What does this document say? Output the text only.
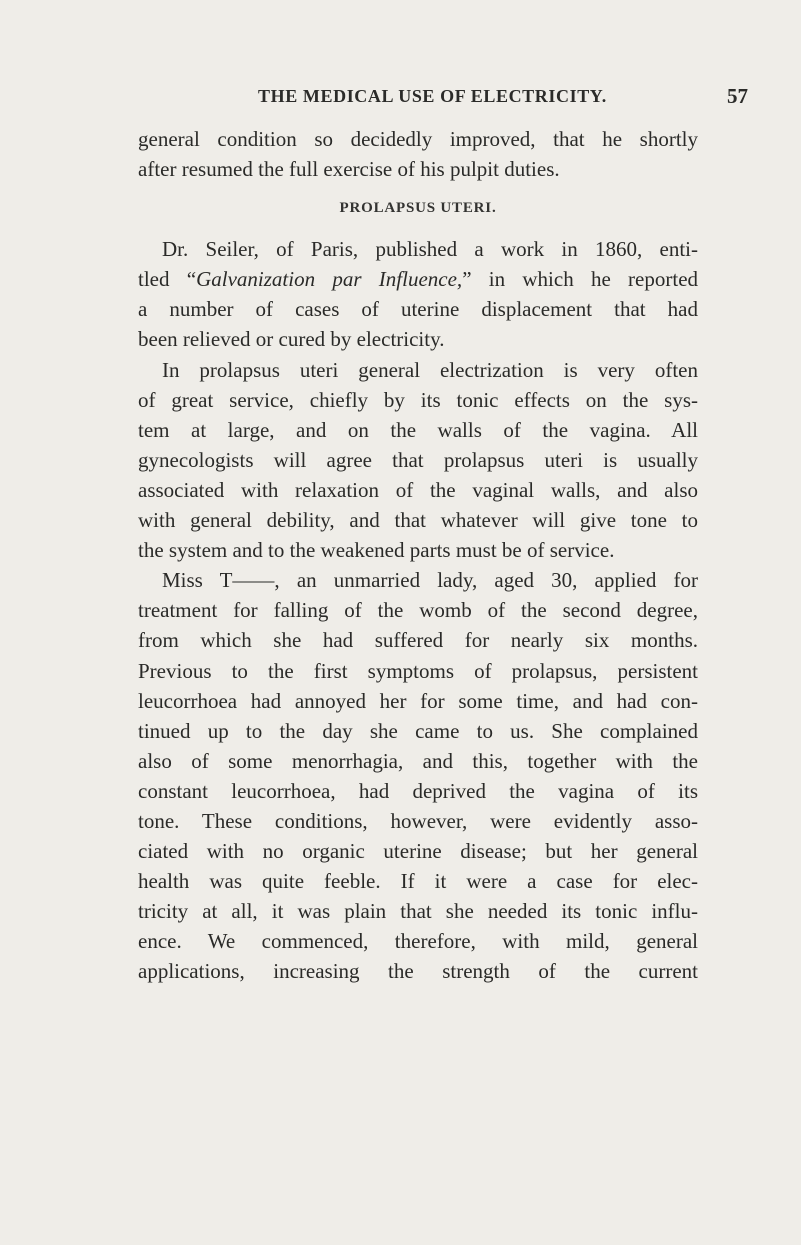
THE MEDICAL USE OF ELECTRICITY.	57
general condition so decidedly improved, that he shortly
after resumed the full exercise of his pulpit duties.
PROLAPSUS UTERI.
Dr. Seiler, of Paris, published a work in 1860, enti-
tled “Galvanization par Influence,” in which he reported
a number of cases of uterine displacement that had
been relieved or cured by electricity.
In prolapsus uteri general electrization is very often
of great service, chiefly by its tonic effects on the sys-
tem at large, and on the walls of the vagina. All
gynecologists will agree that prolapsus uteri is usually
associated with relaxation of the vaginal walls, and also
with general debility, and that whatever will give tone to
the system and to the weakened parts must be of service.
Miss T——, an unmarried lady, aged 30, applied for
treatment for falling of the womb of the second degree,
from which she had suffered for nearly six months.
Previous to the first symptoms of prolapsus, persistent
leucorrhoea had annoyed her for some time, and had con-
tinued up to the day she came to us. She complained
also of some menorrhagia, and this, together with the
constant leucorrhoea, had deprived the vagina of its
tone. These conditions, however, were evidently asso-
ciated with no organic uterine disease; but her general
health was quite feeble. If it were a case for elec-
tricity at all, it was plain that she needed its tonic influ-
ence. We commenced, therefore, with mild, general
applications, increasing the strength of the current
